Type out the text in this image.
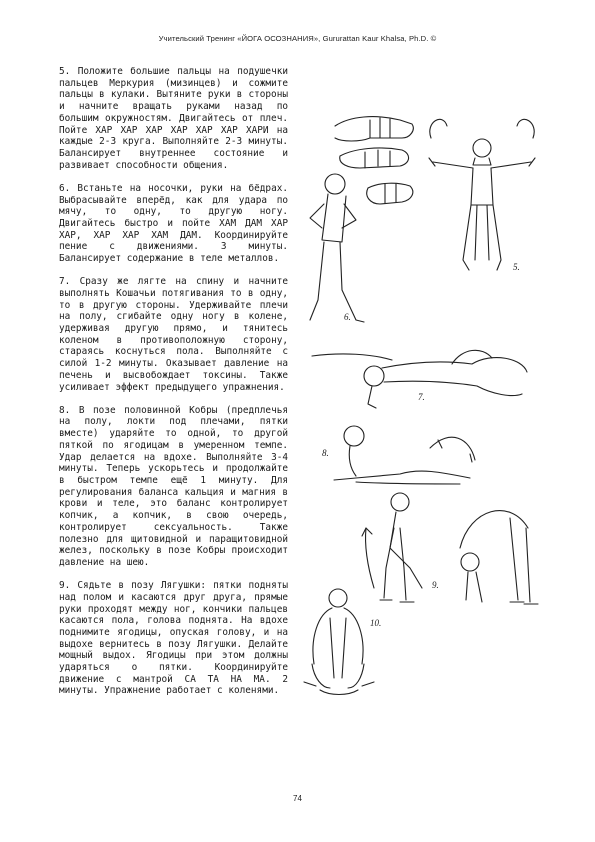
Учительский Тренинг «ЙОГА ОСОЗНАНИЯ», Gururattan Kaur Khalsa, Ph.D. ©

5. Положите большие пальцы на подушечки пальцев Меркурия (мизинцев) и сожмите пальцы в кулаки. Вытяните руки в стороны и начните вращать руками назад по большим окружностям. Двигайтесь от плеч. Пойте ХАР ХАР ХАР ХАР ХАР ХАР ХАРИ на каждые 2-3 круга. Выполняйте 2-3 минуты. Балансирует внутреннее состояние и развивает способности общения.

6. Встаньте на носочки, руки на бёдрах. Выбрасывайте вперёд, как для удара по мячу, то одну, то другую ногу. Двигайтесь быстро и пойте ХАМ ДАМ ХАР ХАР, ХАР ХАР ХАМ ДАМ. Координируйте пение с движениями. 3 минуты. Балансирует содержание в теле металлов.

7. Сразу же лягте на спину и начните выполнять Кошачьи потягивания то в одну, то в другую стороны. Удерживайте плечи на полу, сгибайте одну ногу в колене, удерживая другую прямо, и тянитесь коленом в противоположную сторону, стараясь коснуться пола. Выполняйте с силой 1-2 минуты. Оказывает давление на печень и высвобождает токсины. Также усиливает эффект предыдущего упражнения.

8. В позе половинной Кобры (предплечья на полу, локти под плечами, пятки вместе) ударяйте то одной, то другой пяткой по ягодицам в умеренном темпе. Удар делается на вдохе. Выполняйте 3-4 минуты. Теперь ускорьтесь и продолжайте в быстром темпе ещё 1 минуту. Для регулирования баланса кальция и магния в крови и теле, это баланс контролирует копчик, а копчик, в свою очередь, контролирует сексуальность. Также полезно для щитовидной и паращитовидной желез, поскольку в позе Кобры происходит давление на шею.

9. Сядьте в позу Лягушки: пятки подняты над полом и касаются друг друга, прямые руки проходят между ног, кончики пальцев касаются пола, голова поднята. На вдохе поднимите ягодицы, опуская голову, и на выдохе вернитесь в позу Лягушки. Делайте мощный выдох. Ягодицы при этом должны ударяться о пятки. Координируйте движение с мантрой СА ТА НА МА. 2 минуты. Упражнение работает с коленями.

5.
6.
7.
8.
9.
10.
74
